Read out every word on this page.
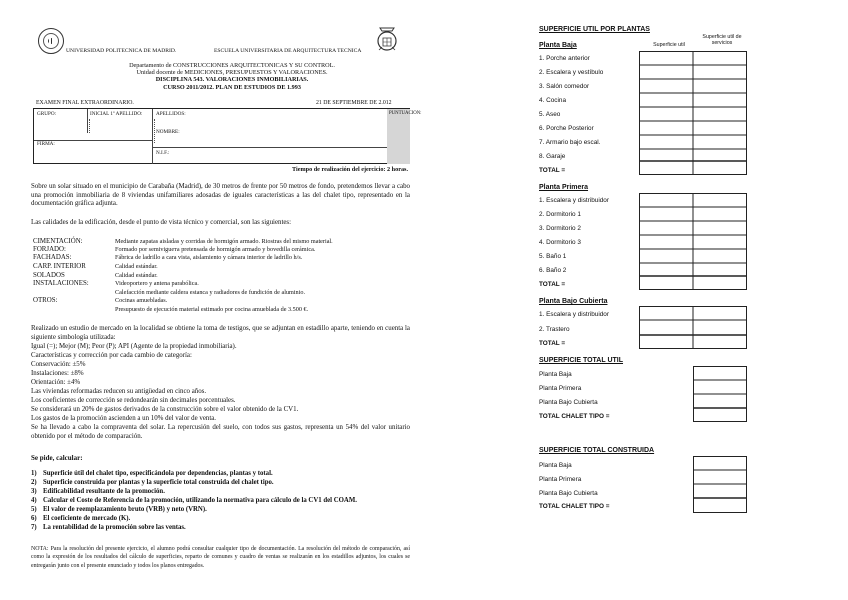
UNIVERSIDAD POLITECNICA DE MADRID.	ESCUELA UNIVERSITARIA DE ARQUITECTURA TECNICA
Departamento de CONSTRUCCIONES ARQUITECTONICAS Y SU CONTROL.
Unidad docente de MEDICIONES, PRESUPUESTOS Y VALORACIONES.
DISCIPLINA 543. VALORACIONES INMOBILIARIAS.
CURSO 2011/2012. PLAN DE ESTUDIOS DE 1.993
EXAMEN FINAL EXTRAORDINARIO.	21 DE SEPTIEMBRE DE 2.012
GRUPO:	INICIAL 1º APELLIDO:	APELLIDOS:
NOMBRE:
FIRMA:
N.I.F.:
PUNTUACION:
Tiempo de realización del ejercicio: 2 horas.
Sobre un solar situado en el municipio de Carabaña (Madrid), de 30 metros de frente por 50 metros de fondo, pretendemos llevar a cabo una promoción inmobiliaria de 8 viviendas unifamiliares adosadas de iguales características a las del chalet tipo, representado en la documentación gráfica adjunta.
Las calidades de la edificación, desde el punto de vista técnico y comercial, son las siguientes:
CIMENTACIÓN:	Mediante zapatas aisladas y corridas de hormigón armado. Riostras del mismo material.
FORJADO:	Formado por semiviguета pretensada de hormigón armado y bovedilla cerámica.
FACHADAS:	Fábrica de ladrillo a cara vista, aislamiento y cámara interior de ladrillo h/s.
CARP. INTERIOR	Calidad estándar.
SOLADOS	Calidad estándar.
INSTALACIONES:	Videoportero y antena parabólica.
Calefacción mediante caldera estanca y radiadores de fundición de aluminio.
OTROS:	Cocinas amuebladas.
Presupuesto de ejecución material estimado por cocina amueblada de 3.500 €.
Realizado un estudio de mercado en la localidad se obtiene la toma de testigos, que se adjuntan en estadillo aparte, teniendo en cuenta la siguiente simbología utilizada:
Igual (=); Mejor (M); Peor (P); API (Agente de la propiedad inmobiliaria).
Características y corrección por cada cambio de categoría:
Conservación: ±5%
Instalaciones: ±8%
Orientación: ±4%
Las viviendas reformadas reducen su antigüedad en cinco años.
Los coeficientes de corrección se redondearán sin decimales porcentuales.
Se considerará un 20% de gastos derivados de la construcción sobre el valor obtenido de la CV1.
Los gastos de la promoción ascienden a un 10% del valor de venta.
Se ha llevado a cabo la compraventa del solar. La repercusión del suelo, con todos sus gastos, representa un 54% del valor unitario obtenido por el método de comparación.
Se pide, calcular:
1) Superficie útil del chalet tipo, especificándola por dependencias, plantas y total.
2) Superficie construida por plantas y la superficie total construida del chalet tipo.
3) Edificabilidad resultante de la promoción.
4) Calcular el Coste de Referencia de la promoción, utilizando la normativa para cálculo de la CV1 del COAM.
5) El valor de reemplazamiento bruto (VRB) y neto (VRN).
6) El coeficiente de mercado (K).
7) La rentabilidad de la promoción sobre las ventas.
NOTA: Para la resolución del presente ejercicio, el alumno podrá consultar cualquier tipo de documentación. La resolución del método de comparación, así como la expresión de los resultados del cálculo de superficies, reparto de comunes y cuadro de ventas se realizarán en los estadillos adjuntos, los cuales se entregarán junto con el presente enunciado y todos los planos entregados.
SUPERFICIE UTIL POR PLANTAS
Superficie util
Superficie util de servicios
Planta Baja
1. Porche anterior
2. Escalera y vestíbulo
3. Salón comedor
4. Cocina
5. Aseo
6. Porche Posterior
7. Armario bajo escal.
8. Garaje
TOTAL =
Planta Primera
1. Escalera y distribuidor
2. Dormitorio 1
3. Dormitorio 2
4. Dormitorio 3
5. Baño 1
6. Baño 2
TOTAL =
Planta Bajo Cubierta
1. Escalera y distribuidor
2. Trastero
TOTAL =
SUPERFICIE TOTAL UTIL
Planta Baja
Planta Primera
Planta Bajo Cubierta
TOTAL CHALET TIPO =
SUPERFICIE TOTAL CONSTRUIDA
Planta Baja
Planta Primera
Planta Bajo Cubierta
TOTAL CHALET TIPO =
